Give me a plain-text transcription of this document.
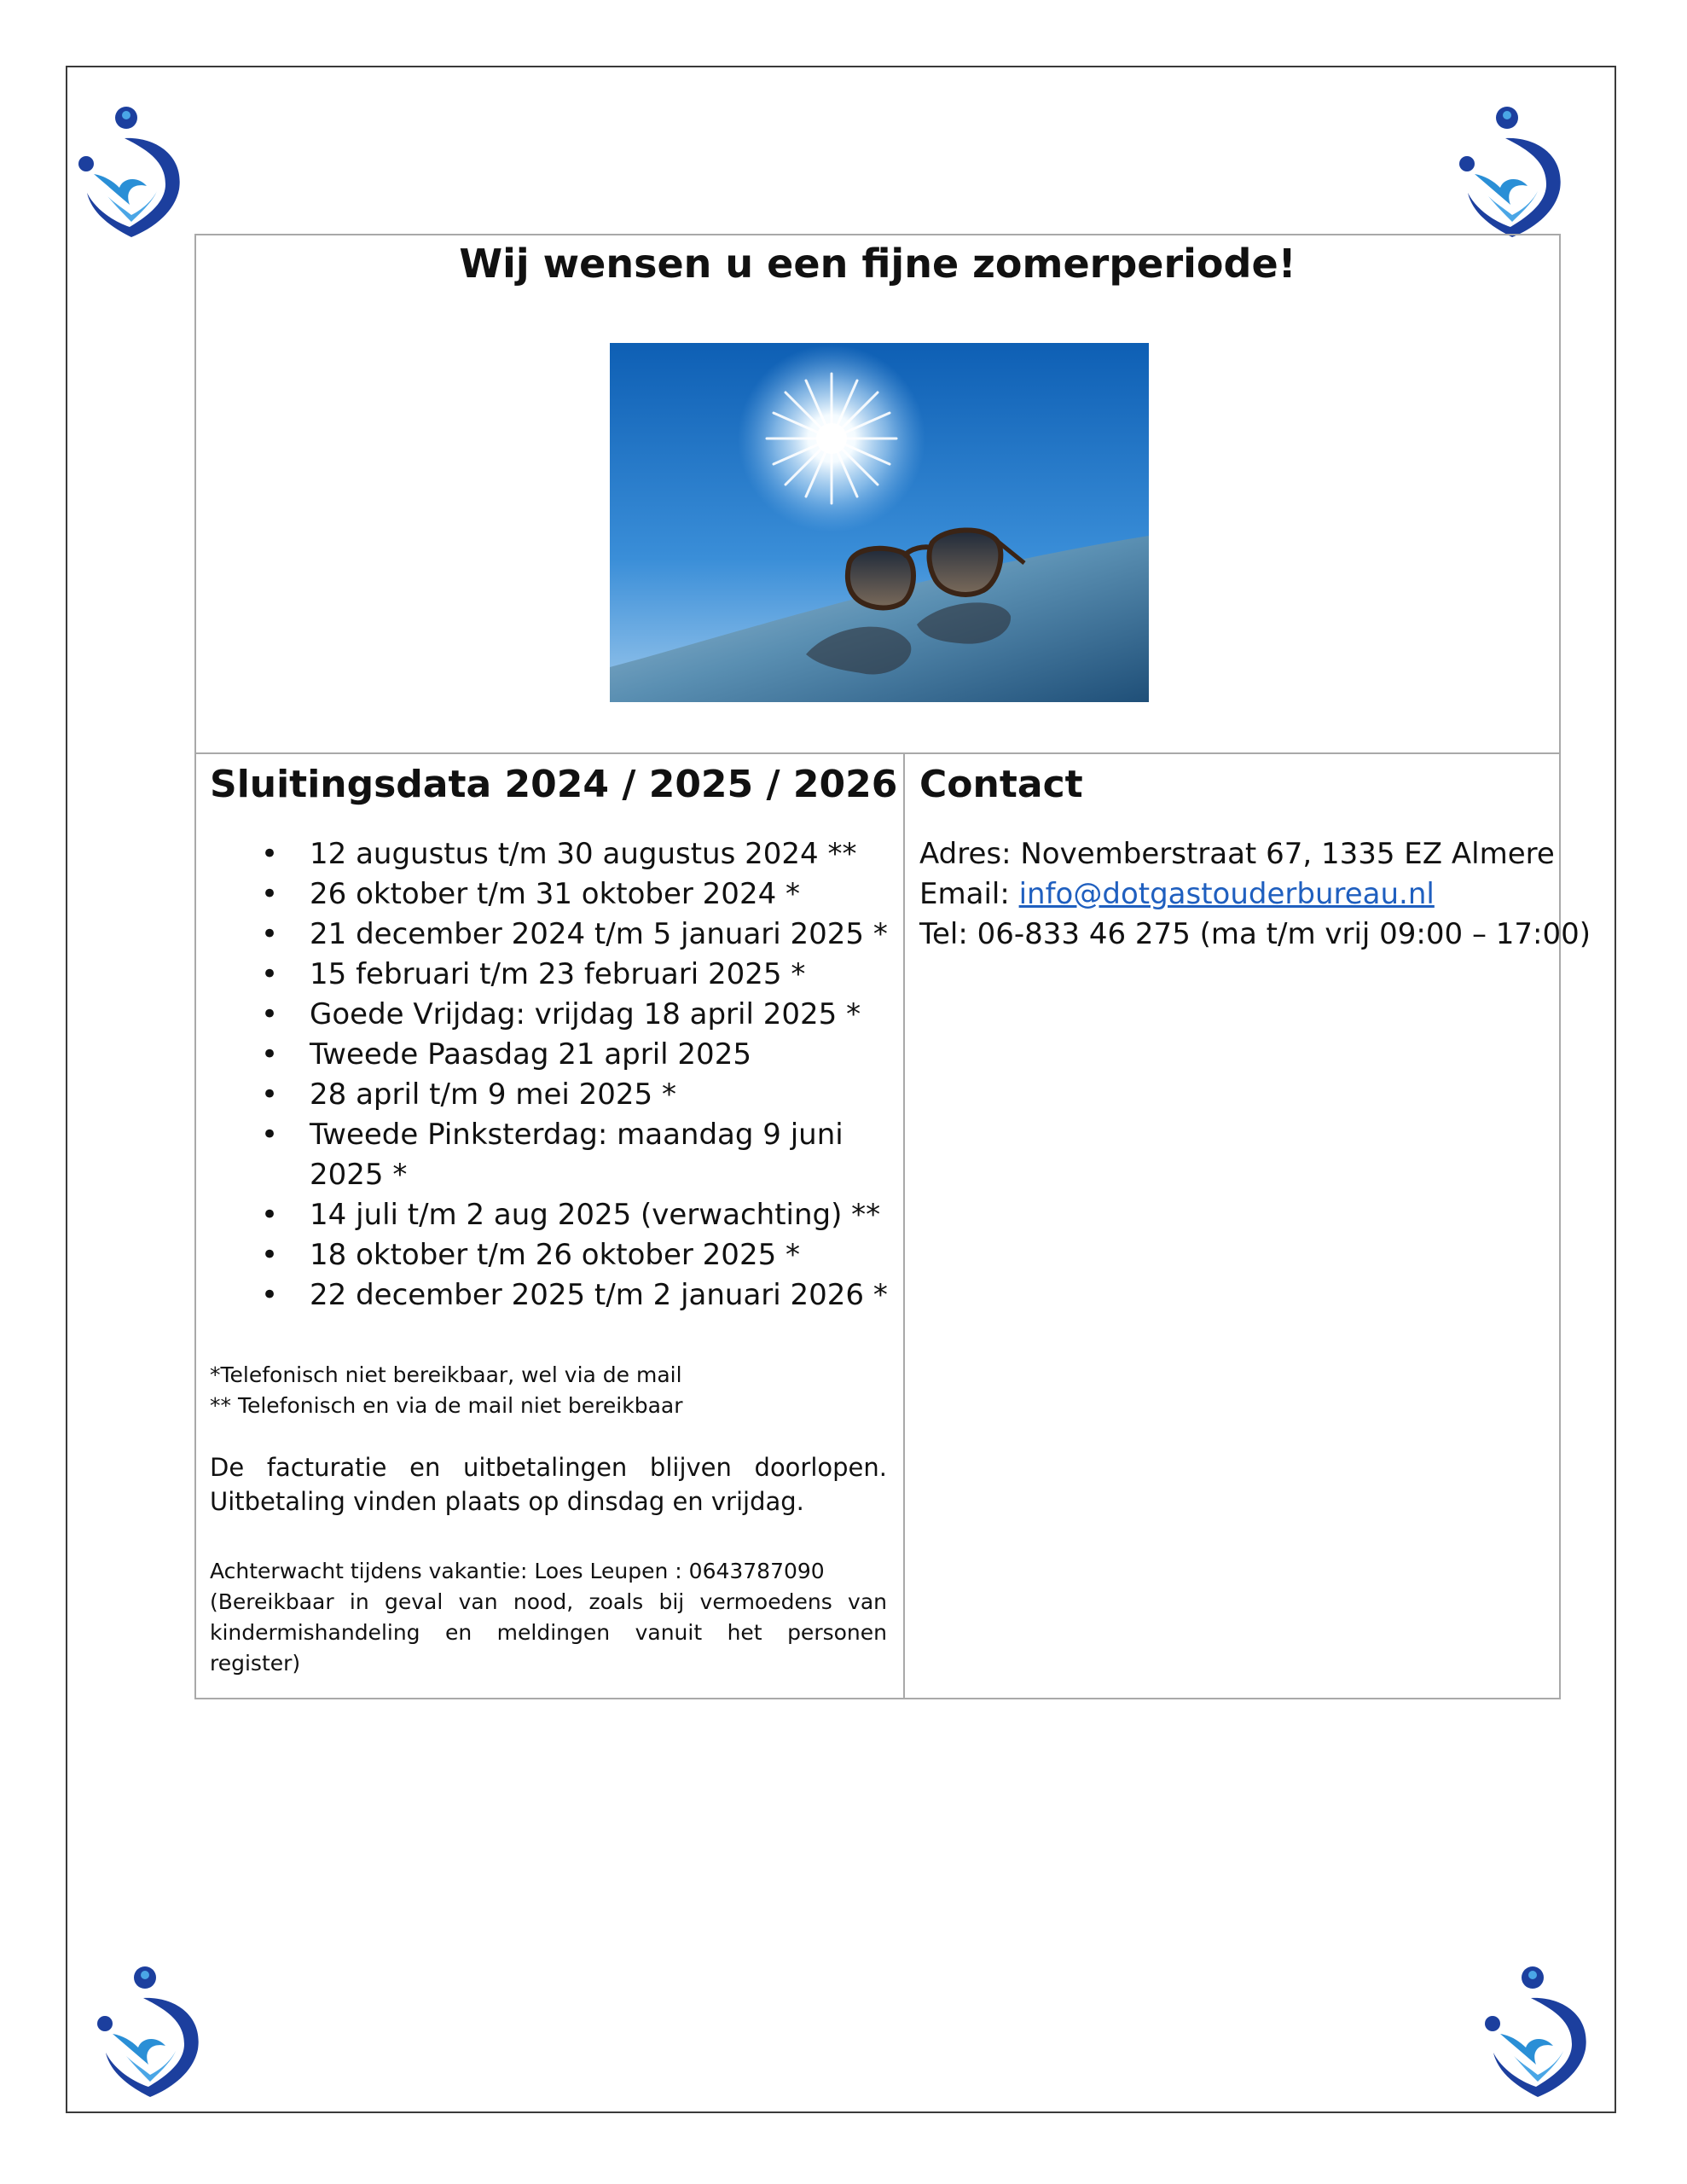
Wij wensen u een fijne zomerperiode!
Sluitingsdata 2024 / 2025 / 2026
• 12 augustus t/m 30 augustus 2024 **
• 26 oktober t/m 31 oktober 2024 *
• 21 december 2024 t/m 5 januari 2025 *
• 15 februari t/m 23 februari 2025 *
• Goede Vrijdag: vrijdag 18 april 2025 *
• Tweede Paasdag 21 april 2025
• 28 april t/m 9 mei 2025 *
• Tweede Pinksterdag: maandag 9 juni
2025 *
• 14 juli t/m 2 aug 2025 (verwachting) **
• 18 oktober t/m 26 oktober 2025 *
• 22 december 2025 t/m 2 januari 2026 *
*Telefonisch niet bereikbaar, wel via de mail
** Telefonisch en via de mail niet bereikbaar
De facturatie en uitbetalingen blijven doorlopen. Uitbetaling vinden plaats op dinsdag en vrijdag.
Achterwacht tijdens vakantie: Loes Leupen : 0643787090
(Bereikbaar in geval van nood, zoals bij vermoedens van kindermishandeling en meldingen vanuit het personen register)
Contact
Adres: Novemberstraat 67, 1335 EZ Almere
Email: info@dotgastouderbureau.nl
Tel: 06-833 46 275 (ma t/m vrij 09:00 – 17:00)
